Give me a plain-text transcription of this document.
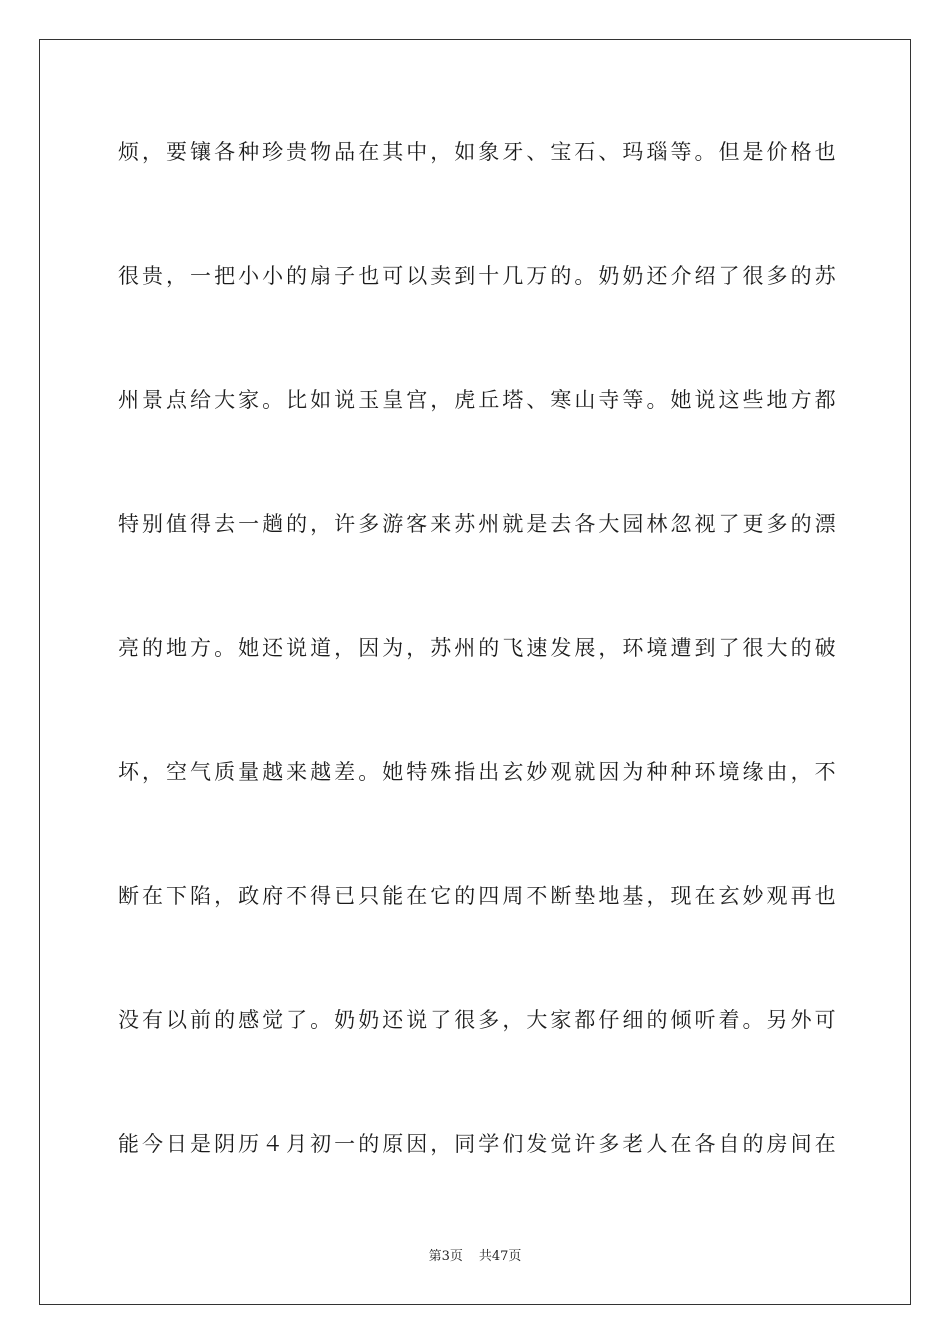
烦，要镶各种珍贵物品在其中，如象牙、宝石、玛瑙等。但是价格也
很贵，一把小小的扇子也可以卖到十几万的。奶奶还介绍了很多的苏
州景点给大家。比如说玉皇宫，虎丘塔、寒山寺等。她说这些地方都
特别值得去一趟的，许多游客来苏州就是去各大园林忽视了更多的漂
亮的地方。她还说道，因为，苏州的飞速发展，环境遭到了很大的破
坏，空气质量越来越差。她特殊指出玄妙观就因为种种环境缘由，不
断在下陷，政府不得已只能在它的四周不断垫地基，现在玄妙观再也
没有以前的感觉了。奶奶还说了很多，大家都仔细的倾听着。另外可
能今日是阴历４月初一的原因，同学们发觉许多老人在各自的房间在
第3页 共47页
